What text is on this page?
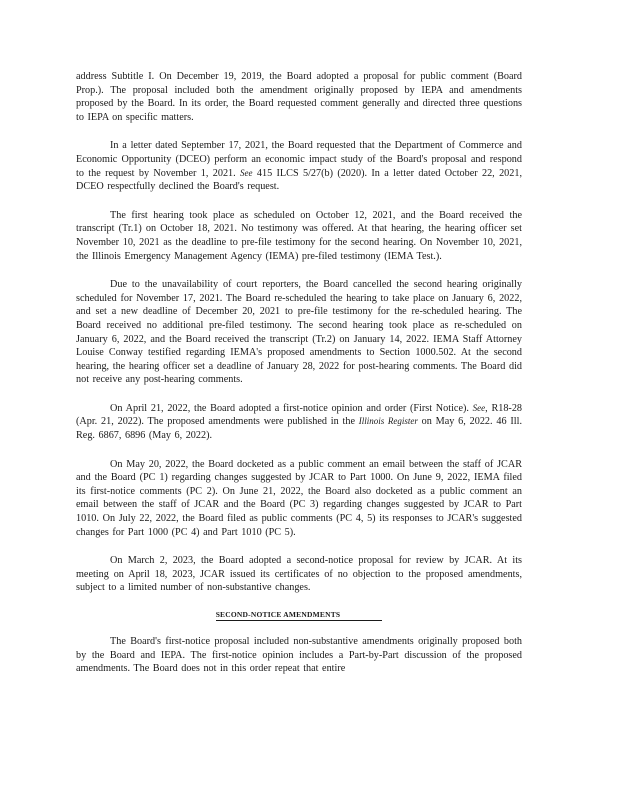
address Subtitle I. On December 19, 2019, the Board adopted a proposal for public comment (Board Prop.). The proposal included both the amendment originally proposed by IEPA and amendments proposed by the Board. In its order, the Board requested comment generally and directed three questions to IEPA on specific matters.

In a letter dated September 17, 2021, the Board requested that the Department of Commerce and Economic Opportunity (DCEO) perform an economic impact study of the Board's proposal and respond to the request by November 1, 2021. See 415 ILCS 5/27(b) (2020). In a letter dated October 22, 2021, DCEO respectfully declined the Board's request.

The first hearing took place as scheduled on October 12, 2021, and the Board received the transcript (Tr.1) on October 18, 2021. No testimony was offered. At that hearing, the hearing officer set November 10, 2021 as the deadline to pre-file testimony for the second hearing. On November 10, 2021, the Illinois Emergency Management Agency (IEMA) pre-filed testimony (IEMA Test.).

Due to the unavailability of court reporters, the Board cancelled the second hearing originally scheduled for November 17, 2021. The Board re-scheduled the hearing to take place on January 6, 2022, and set a new deadline of December 20, 2021 to pre-file testimony for the re-scheduled hearing. The Board received no additional pre-filed testimony. The second hearing took place as re-scheduled on January 6, 2022, and the Board received the transcript (Tr.2) on January 14, 2022. IEMA Staff Attorney Louise Conway testified regarding IEMA's proposed amendments to Section 1000.502. At the second hearing, the hearing officer set a deadline of January 28, 2022 for post-hearing comments. The Board did not receive any post-hearing comments.

On April 21, 2022, the Board adopted a first-notice opinion and order (First Notice). See, R18-28 (Apr. 21, 2022). The proposed amendments were published in the Illinois Register on May 6, 2022. 46 Ill. Reg. 6867, 6896 (May 6, 2022).

On May 20, 2022, the Board docketed as a public comment an email between the staff of JCAR and the Board (PC 1) regarding changes suggested by JCAR to Part 1000. On June 9, 2022, IEMA filed its first-notice comments (PC 2). On June 21, 2022, the Board also docketed as a public comment an email between the staff of JCAR and the Board (PC 3) regarding changes suggested by JCAR to Part 1010. On July 22, 2022, the Board filed as public comments (PC 4, 5) its responses to JCAR's suggested changes for Part 1000 (PC 4) and Part 1010 (PC 5).

On March 2, 2023, the Board adopted a second-notice proposal for review by JCAR. At its meeting on April 18, 2023, JCAR issued its certificates of no objection to the proposed amendments, subject to a limited number of non-substantive changes.

SECOND-NOTICE AMENDMENTS

The Board's first-notice proposal included non-substantive amendments originally proposed both by the Board and IEPA. The first-notice opinion includes a Part-by-Part discussion of the proposed amendments. The Board does not in this order repeat that entire
